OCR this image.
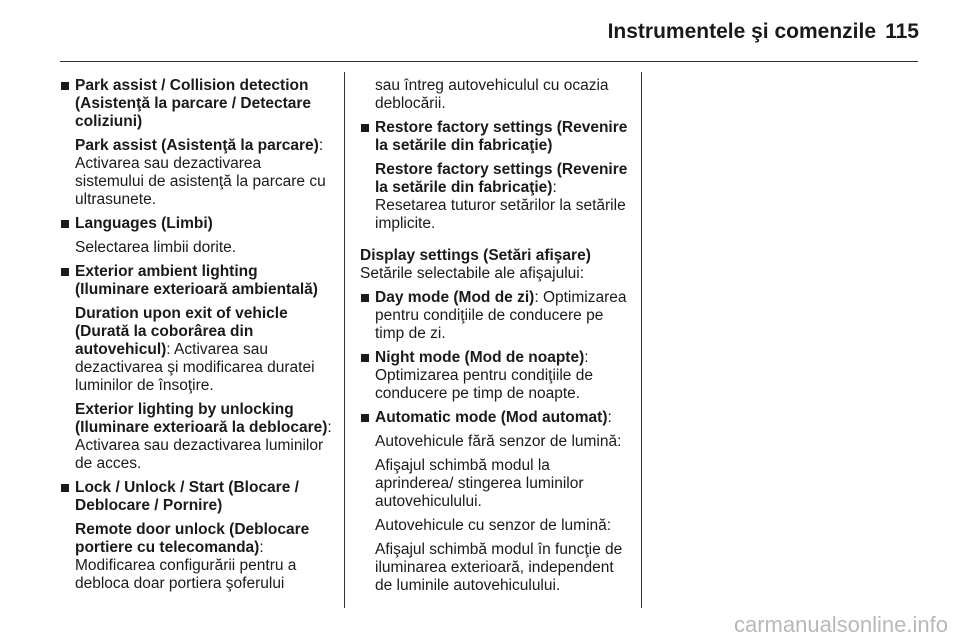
Instrumentele şi comenzile 115

Park assist / Collision detection (Asistenţă la parcare / Detectare coliziuni)

Park assist (Asistenţă la parcare): Activarea sau dezactivarea sistemului de asistenţă la parcare cu ultrasunete.

Languages (Limbi)

Selectarea limbii dorite.

Exterior ambient lighting (Iluminare exterioară ambientală)

Duration upon exit of vehicle (Durată la coborârea din autovehicul): Activarea sau dezactivarea şi modificarea duratei luminilor de însoţire.

Exterior lighting by unlocking (Iluminare exterioară la deblocare): Activarea sau dezactivarea luminilor de acces.

Lock / Unlock / Start (Blocare / Deblocare / Pornire)

Remote door unlock (Deblocare portiere cu telecomanda): Modificarea configurării pentru a debloca doar portiera şoferului

sau întreg autovehiculul cu ocazia deblocării.

Restore factory settings (Revenire la setările din fabricaţie)

Restore factory settings (Revenire la setările din fabricaţie): Resetarea tuturor setărilor la setările implicite.

Display settings (Setări afişare)

Setările selectabile ale afişajului:

Day mode (Mod de zi): Optimizarea pentru condiţiile de conducere pe timp de zi.

Night mode (Mod de noapte): Optimizarea pentru condiţiile de conducere pe timp de noapte.

Automatic mode (Mod automat):

Autovehicule fără senzor de lumină:

Afişajul schimbă modul la aprinderea/ stingerea luminilor autovehiculului.

Autovehicule cu senzor de lumină:

Afişajul schimbă modul în funcţie de iluminarea exterioară, independent de luminile autovehiculului.

carmanualsonline.info
